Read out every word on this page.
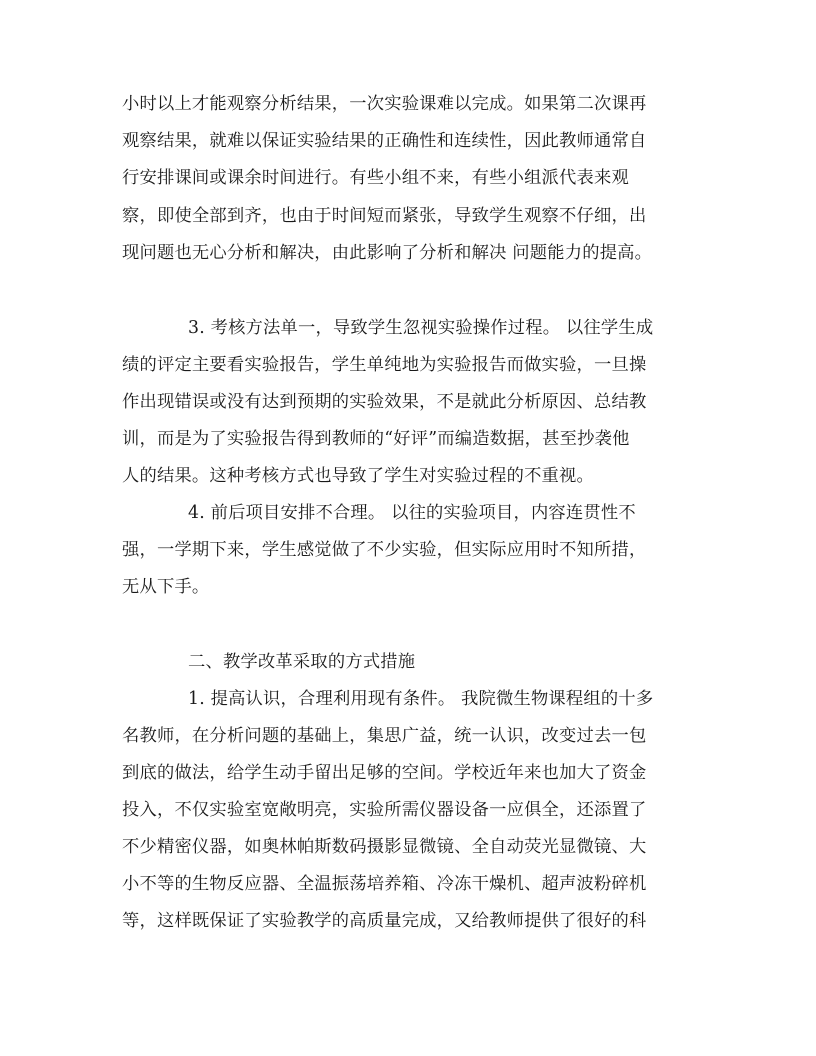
小时以上才能观察分析结果，一次实验课难以完成。如果第二次课再
观察结果，就难以保证实验结果的正确性和连续性，因此教师通常自
行安排课间或课余时间进行。有些小组不来，有些小组派代表来观
察，即使全部到齐，也由于时间短而紧张，导致学生观察不仔细，出
现问题也无心分析和解决，由此影响了分析和解决 问题能力的提高。
3. 考核方法单一，导致学生忽视实验操作过程。 以往学生成
绩的评定主要看实验报告，学生单纯地为实验报告而做实验，一旦操
作出现错误或没有达到预期的实验效果，不是就此分析原因、总结教
训，而是为了实验报告得到教师的“好评”而编造数据，甚至抄袭他
人的结果。这种考核方式也导致了学生对实验过程的不重视。
4. 前后项目安排不合理。 以往的实验项目，内容连贯性不
强，一学期下来，学生感觉做了不少实验，但实际应用时不知所措，
无从下手。
二、教学改革采取的方式措施
1. 提高认识，合理利用现有条件。 我院微生物课程组的十多
名教师，在分析问题的基础上，集思广益，统一认识，改变过去一包
到底的做法，给学生动手留出足够的空间。学校近年来也加大了资金
投入，不仅实验室宽敞明亮，实验所需仪器设备一应俱全，还添置了
不少精密仪器，如奥林帕斯数码摄影显微镜、全自动荧光显微镜、大
小不等的生物反应器、全温振荡培养箱、冷冻干燥机、超声波粉碎机
等，这样既保证了实验教学的高质量完成，又给教师提供了很好的科
